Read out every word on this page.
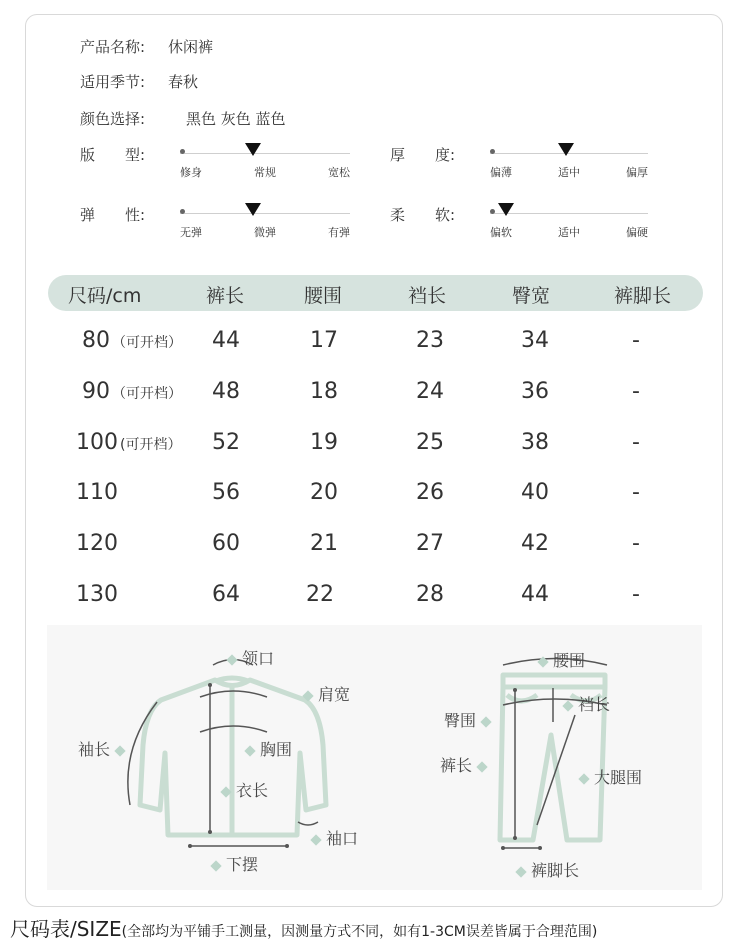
产品名称: 休闲裤
适用季节: 春秋
颜色选择:	黑色 灰色 蓝色
版　　型:
修身	常规	宽松
厚　　度:
偏薄	适中	偏厚
弹　　性:
无弹	微弹	有弹
柔　　软:
偏软	适中	偏硬
尺码/cm	裤长	腰围	裆长	臀宽	裤脚长
80 （可开档） 44	17	23	34	-
90 （可开档） 48	18	24	36	-
100 (可开档） 52	19	25	38	-
110	56	20	26	40	-
120	60	21	27	42	-
130	64	22	28	44	-
领口
肩宽
袖长	胸围
衣长
袖口
下摆
腰围
臀围
裆长
裤长
大腿围
裤脚长
尺码表/SIZE(全部均为平铺手工测量，因测量方式不同，如有1-3CM误差皆属于合理范围)
